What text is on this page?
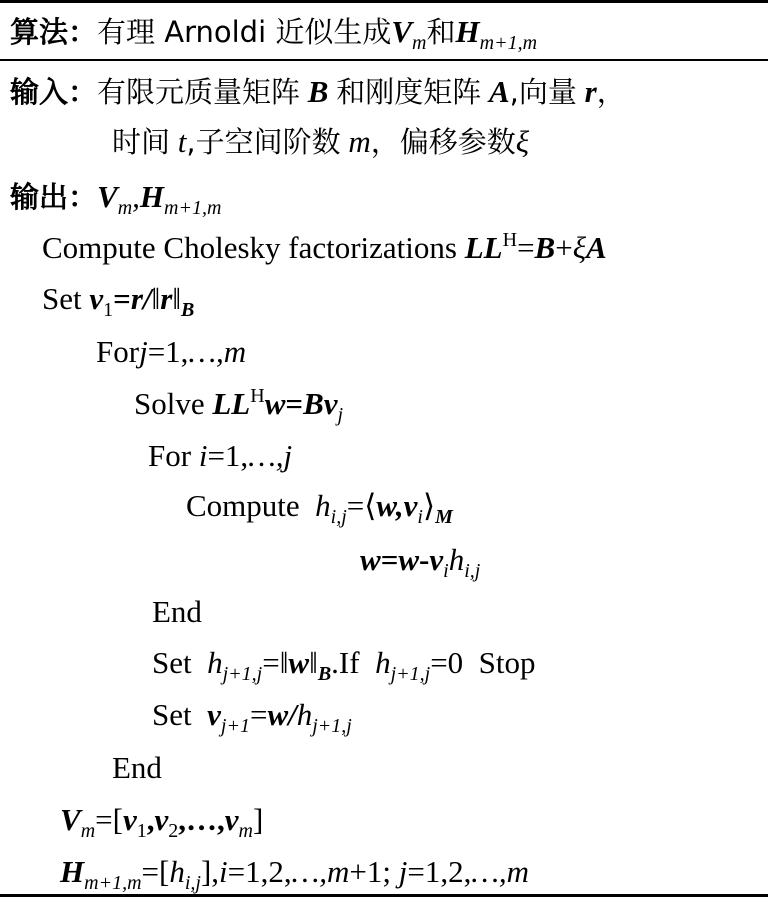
算法：有理 Arnoldi 近似生成$V_m$和$H_{m+1,m}$
输入：有限元质量矩阵 B 和刚度矩阵 A,向量 r，
时间 t,子空间阶数 m，偏移参数ξ
输出：$V_m,H_{m+1,m}$
Compute Cholesky factorizations $LL^H=B+\xi A$
Set $v_1=r/‖r‖_B$
Forj=1,…,m
Solve $LL^Hw=Bv_j$
For i=1,…,j
Compute $h_{i,j}=⟨w,v_i⟩_M$
$w=w-v_ih_{i,j}$
End
Set $h_{j+1,j}=‖w‖_B.If$ $h_{j+1,j}=0$ Stop
Set $v_{j+1}=w/h_{j+1,j}$
End
$V_m=[v_1,v_2,\dots,v_m]$
$H_{m+1,m}=[h_{i,j}],i=1,2,\dots,m+1$; j=1,2,…,m
